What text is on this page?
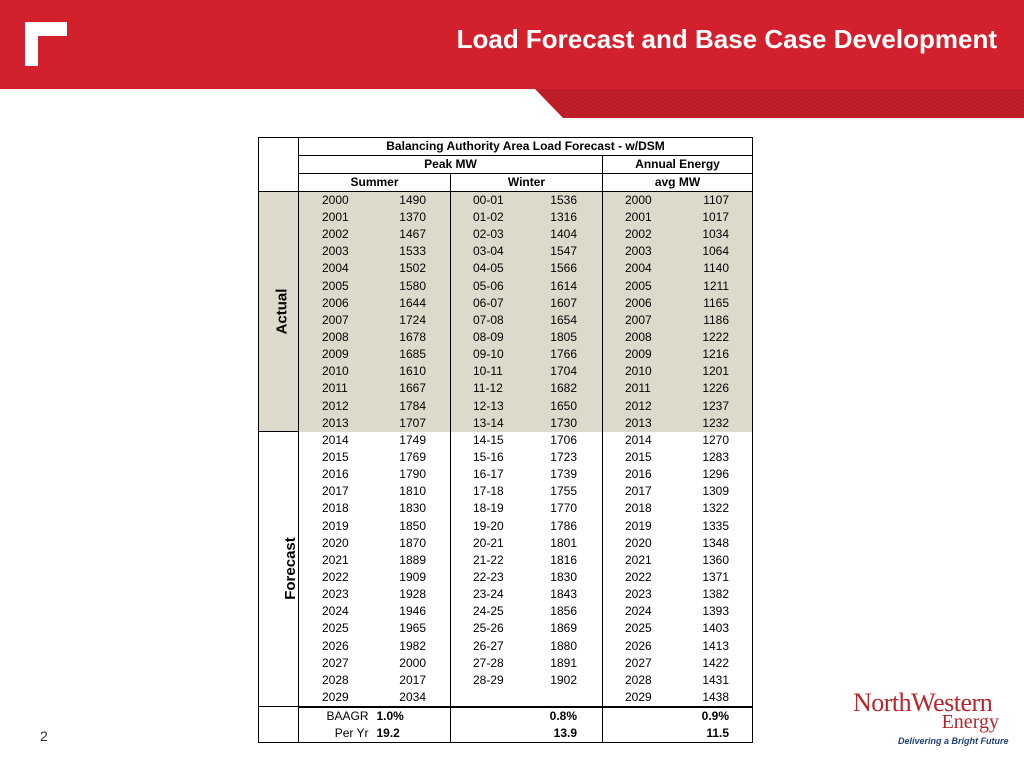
Load Forecast and Base Case Development
	Balancing Authority Area Load Forecast - w/DSM					
	Peak MW				Annual Energy	
	Summer		Winter		avg MW	
Actual	2000	1490	00-01	1536	2000	1107
	2001	1370	01-02	1316	2001	1017
	2002	1467	02-03	1404	2002	1034
	2003	1533	03-04	1547	2003	1064
	2004	1502	04-05	1566	2004	1140
	2005	1580	05-06	1614	2005	1211
	2006	1644	06-07	1607	2006	1165
	2007	1724	07-08	1654	2007	1186
	2008	1678	08-09	1805	2008	1222
	2009	1685	09-10	1766	2009	1216
	2010	1610	10-11	1704	2010	1201
	2011	1667	11-12	1682	2011	1226
	2012	1784	12-13	1650	2012	1237
	2013	1707	13-14	1730	2013	1232
Forecast	2014	1749	14-15	1706	2014	1270
	2015	1769	15-16	1723	2015	1283
	2016	1790	16-17	1739	2016	1296
	2017	1810	17-18	1755	2017	1309
	2018	1830	18-19	1770	2018	1322
	2019	1850	19-20	1786	2019	1335
	2020	1870	20-21	1801	2020	1348
	2021	1889	21-22	1816	2021	1360
	2022	1909	22-23	1830	2022	1371
	2023	1928	23-24	1843	2023	1382
	2024	1946	24-25	1856	2024	1393
	2025	1965	25-26	1869	2025	1403
	2026	1982	26-27	1880	2026	1413
	2027	2000	27-28	1891	2027	1422
	2028	2017	28-29	1902	2028	1431
	2029	2034			2029	1438
	BAAGR	1.0%		0.8%		0.9%
	Per Yr	19.2		13.9		11.5
2
NorthWestern
Energy
Delivering a Bright Future
